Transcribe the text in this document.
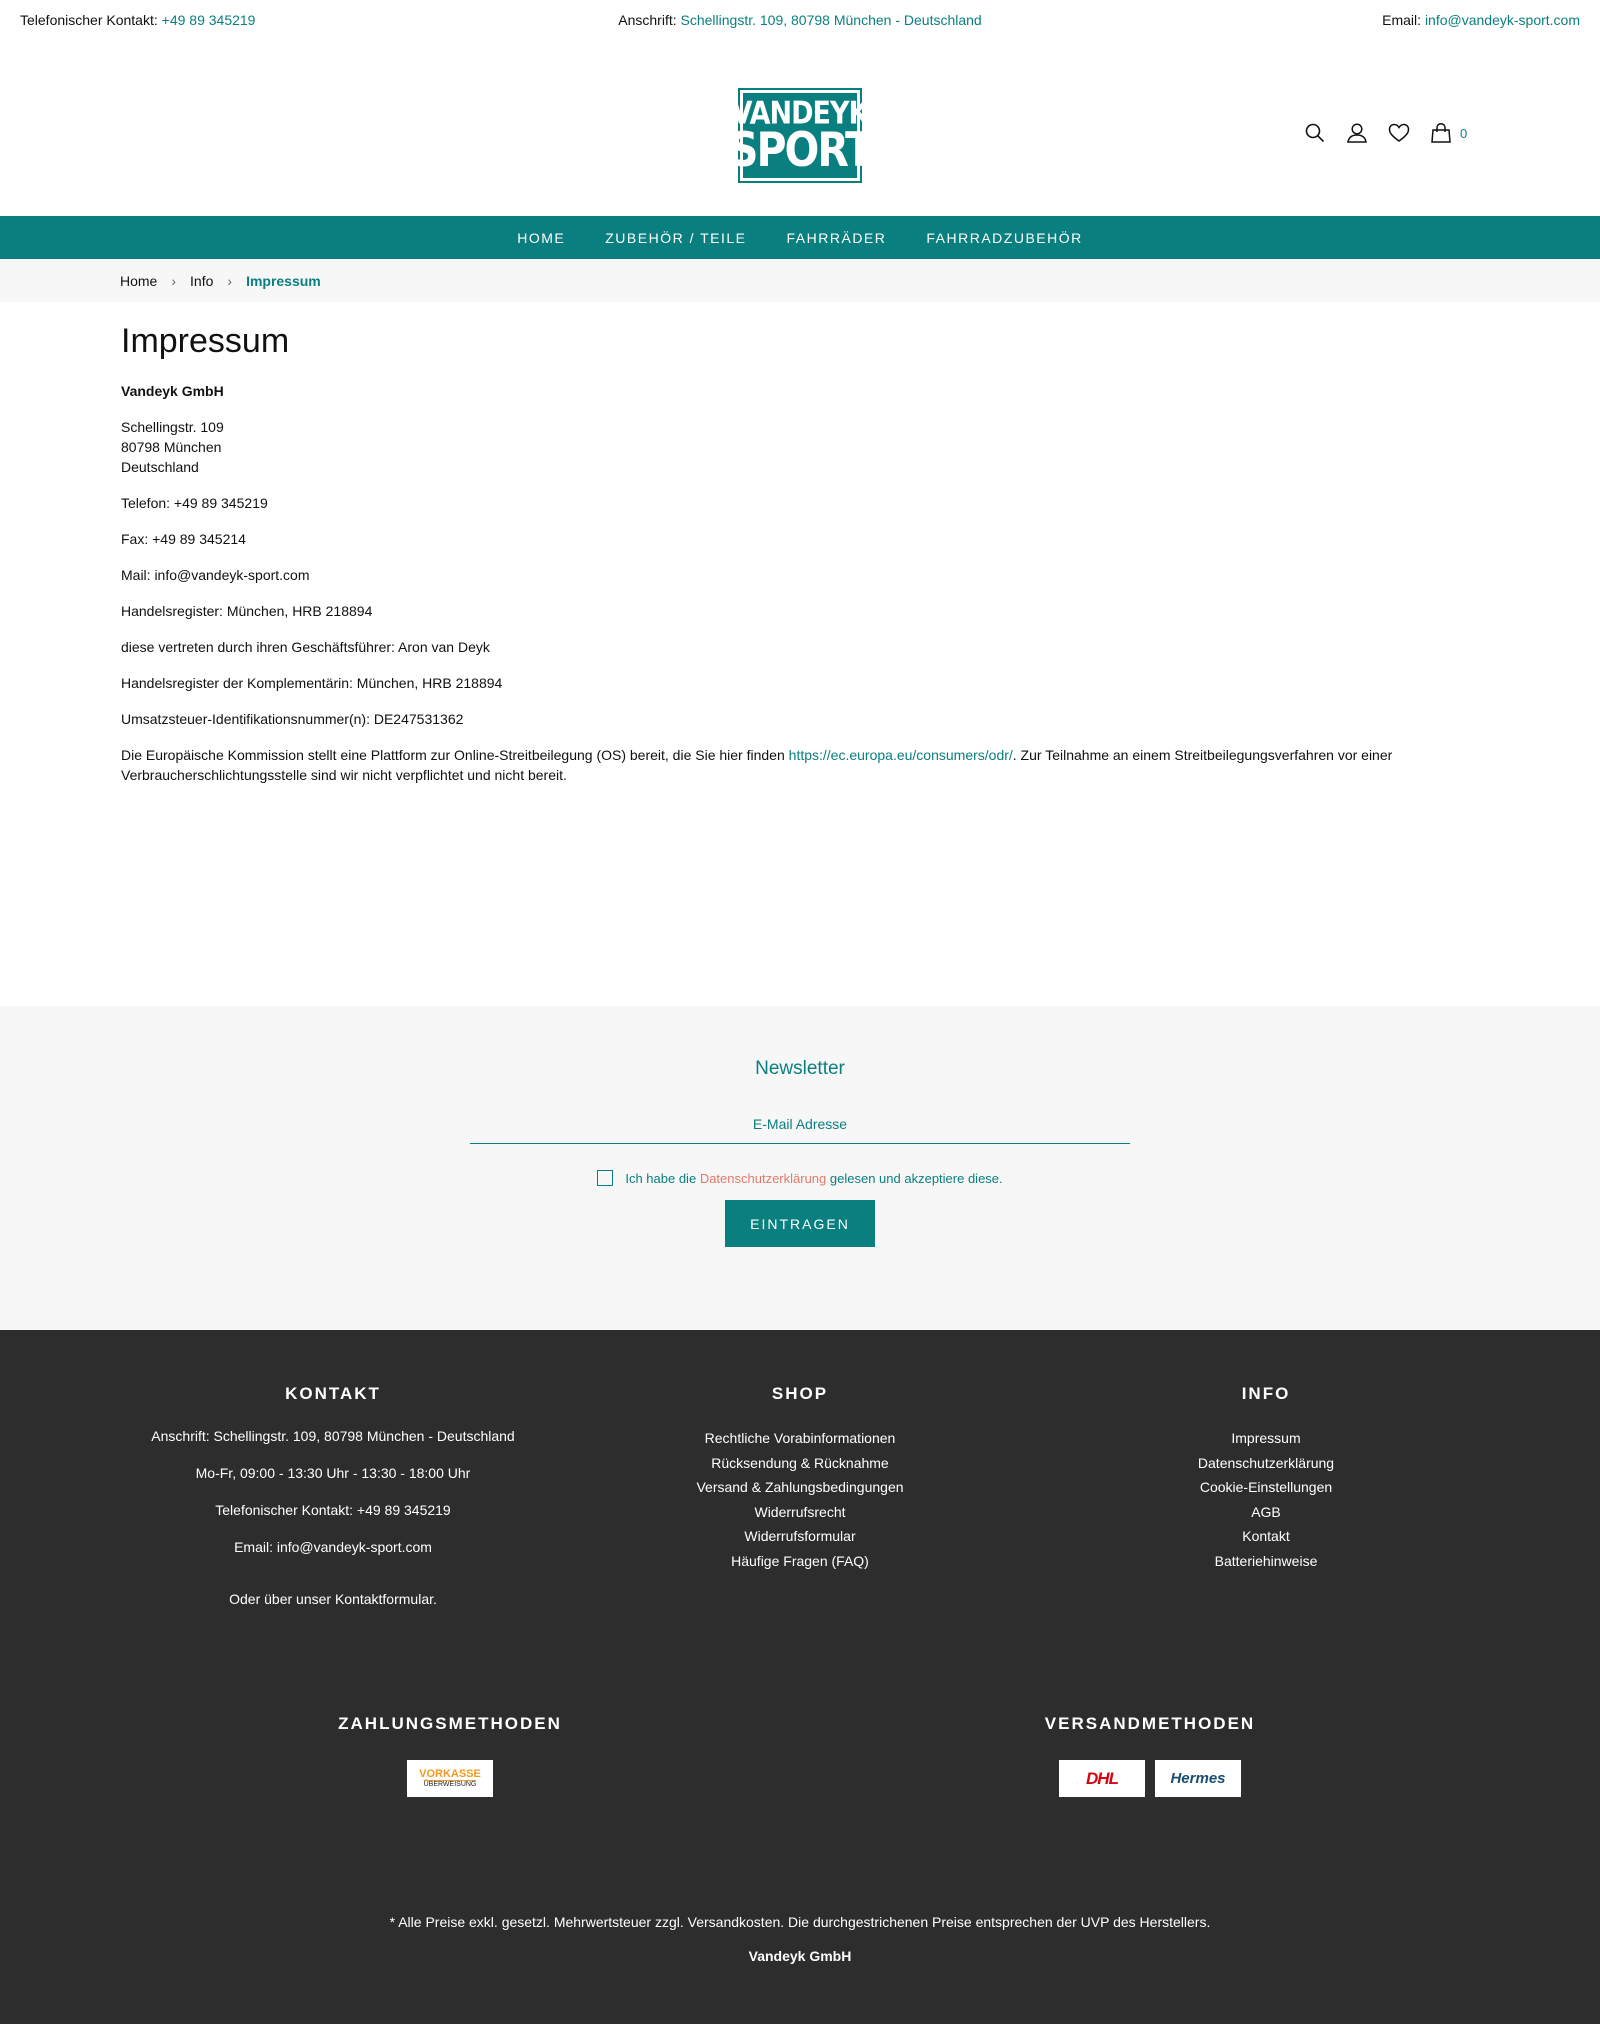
Telefonischer Kontakt: +49 89 345219	Anschrift: Schellingstr. 109, 80798 München - Deutschland	Email: info@vandeyk-sport.com
VANDEYK
SPORT	0
HOME	ZUBEHÖR / TEILE	FAHRRÄDER	FAHRRADZUBEHÖR
Home › Info › Impressum
Impressum

Vandeyk GmbH

Schellingstr. 109
80798 München
Deutschland

Telefon: +49 89 345219

Fax: +49 89 345214

Mail: info@vandeyk-sport.com

Handelsregister: München, HRB 218894

diese vertreten durch ihren Geschäftsführer: Aron van Deyk

Handelsregister der Komplementärin: München, HRB 218894

Umsatzsteuer-Identifikationsnummer(n): DE247531362

Die Europäische Kommission stellt eine Plattform zur Online-Streitbeilegung (OS) bereit, die Sie hier finden https://ec.europa.eu/consumers/odr/. Zur Teilnahme an einem Streitbeilegungsverfahren vor einer Verbraucherschlichtungsstelle sind wir nicht verpflichtet und nicht bereit.

Newsletter
E-Mail Adresse
Ich habe die
Datenschutzerklärung
gelesen und akzeptiere diese.
EINTRAGEN
KONTAKT

Anschrift: Schellingstr. 109, 80798 München - Deutschland

Mo-Fr, 09:00 - 13:30 Uhr - 13:30 - 18:00 Uhr

Telefonischer Kontakt: +49 89 345219

Email: info@vandeyk-sport.com

Oder über unser Kontaktformular.

SHOP
Rechtliche Vorabinformationen
Rücksendung & Rücknahme
Versand & Zahlungsbedingungen
Widerrufsrecht
Widerrufsformular
Häufige Fragen (FAQ)
INFO
Impressum
Datenschutzerklärung
Cookie-Einstellungen
AGB
Kontakt
Batteriehinweise
ZAHLUNGSMETHODEN
VORKASSE
ÜBERWEISUNG
VERSANDMETHODEN
DHL	Hermes
* Alle Preise exkl. gesetzl. Mehrwertsteuer zzgl. Versandkosten. Die durchgestrichenen Preise entsprechen der UVP des Herstellers.
Vandeyk GmbH
